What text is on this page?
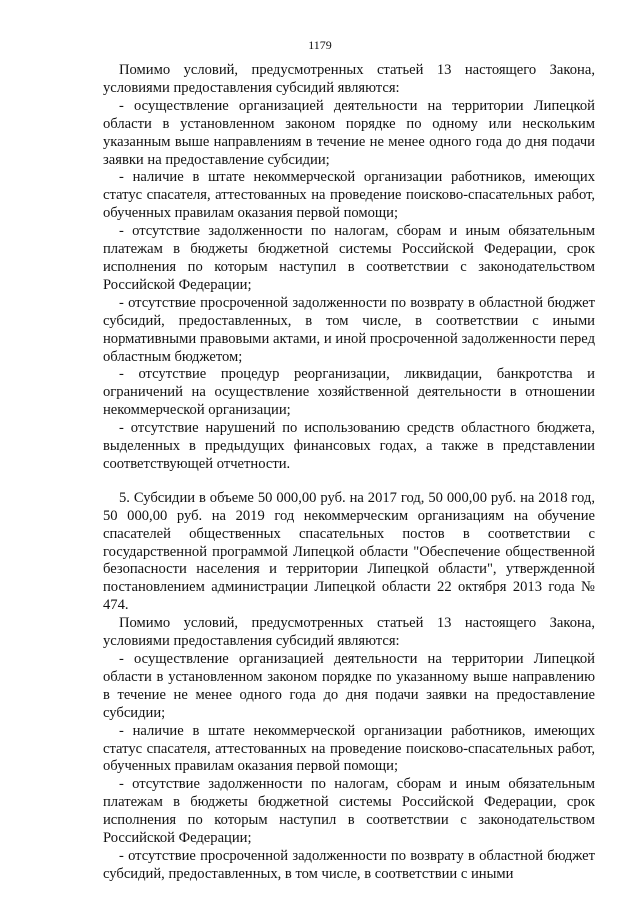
1179

Помимо условий, предусмотренных статьей 13 настоящего Закона, условиями предоставления субсидий являются:

- осуществление организацией деятельности на территории Липецкой области в установленном законом порядке по одному или нескольким указанным выше направлениям в течение не менее одного года до дня подачи заявки на предоставление субсидии;

- наличие в штате некоммерческой организации работников, имеющих статус спасателя, аттестованных на проведение поисково-спасательных работ, обученных правилам оказания первой помощи;

- отсутствие задолженности по налогам, сборам и иным обязательным платежам в бюджеты бюджетной системы Российской Федерации, срок исполнения по которым наступил в соответствии с законодательством Российской Федерации;

- отсутствие просроченной задолженности по возврату в областной бюджет субсидий, предоставленных, в том числе, в соответствии с иными нормативными правовыми актами, и иной просроченной задолженности перед областным бюджетом;

- отсутствие процедур реорганизации, ликвидации, банкротства и ограничений на осуществление хозяйственной деятельности в отношении некоммерческой организации;

- отсутствие нарушений по использованию средств областного бюджета, выделенных в предыдущих финансовых годах, а также в представлении соответствующей отчетности.

5. Субсидии в объеме 50 000,00 руб. на 2017 год, 50 000,00 руб. на 2018 год, 50 000,00 руб. на 2019 год некоммерческим организациям на обучение спасателей общественных спасательных постов в соответствии с государственной программой Липецкой области "Обеспечение общественной безопасности населения и территории Липецкой области", утвержденной постановлением администрации Липецкой области 22 октября 2013 года № 474.

Помимо условий, предусмотренных статьей 13 настоящего Закона, условиями предоставления субсидий являются:

- осуществление организацией деятельности на территории Липецкой области в установленном законом порядке по указанному выше направлению в течение не менее одного года до дня подачи заявки на предоставление субсидии;

- наличие в штате некоммерческой организации работников, имеющих статус спасателя, аттестованных на проведение поисково-спасательных работ, обученных правилам оказания первой помощи;

- отсутствие задолженности по налогам, сборам и иным обязательным платежам в бюджеты бюджетной системы Российской Федерации, срок исполнения по которым наступил в соответствии с законодательством Российской Федерации;

- отсутствие просроченной задолженности по возврату в областной бюджет субсидий, предоставленных, в том числе, в соответствии с иными
